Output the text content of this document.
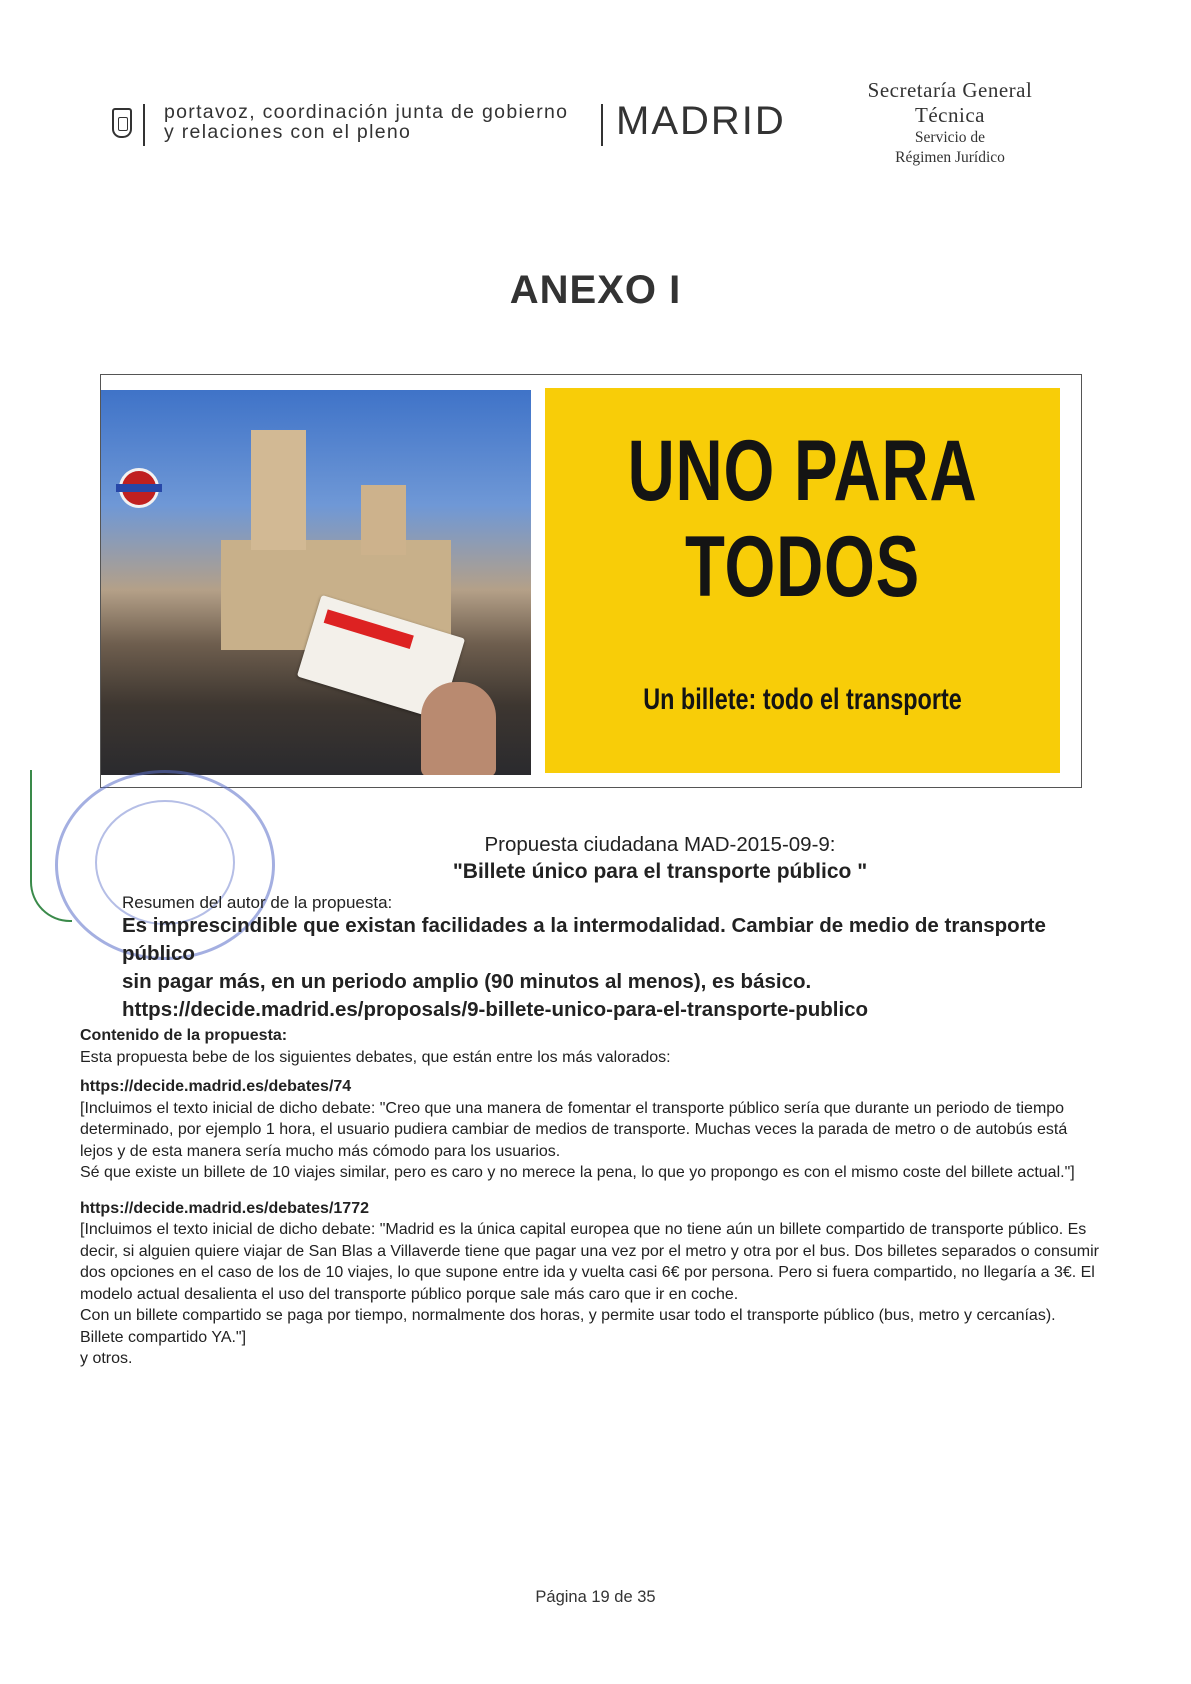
portavoz, coordinación junta de gobierno
y relaciones con el pleno	MADRID
Secretaría General
Técnica
Servicio de
Régimen Jurídico
ANEXO I
UNO PARA
TODOS
Un billete: todo el transporte
Propuesta ciudadana MAD-2015-09-9:
"Billete único para el transporte público "
Resumen del autor de la propuesta:
Es imprescindible que existan facilidades a la intermodalidad. Cambiar de medio de transporte público
sin pagar más, en un periodo amplio (90 minutos al menos), es básico.
https://decide.madrid.es/proposals/9-billete-unico-para-el-transporte-publico

Contenido de la propuesta:

Esta propuesta bebe de los siguientes debates, que están entre los más valorados:

https://decide.madrid.es/debates/74

[Incluimos el texto inicial de dicho debate: "Creo que una manera de fomentar el transporte público sería que durante un periodo de tiempo determinado, por ejemplo 1 hora, el usuario pudiera cambiar de medios de transporte. Muchas veces la parada de metro o de autobús está lejos y de esta manera sería mucho más cómodo para los usuarios.

Sé que existe un billete de 10 viajes similar, pero es caro y no merece la pena, lo que yo propongo es con el mismo coste del billete actual."]

https://decide.madrid.es/debates/1772

[Incluimos el texto inicial de dicho debate: "Madrid es la única capital europea que no tiene aún un billete compartido de transporte público. Es decir, si alguien quiere viajar de San Blas a Villaverde tiene que pagar una vez por el metro y otra por el bus. Dos billetes separados o consumir dos opciones en el caso de los de 10 viajes, lo que supone entre ida y vuelta casi 6€ por persona. Pero si fuera compartido, no llegaría a 3€. El modelo actual desalienta el uso del transporte público porque sale más caro que ir en coche.

Con un billete compartido se paga por tiempo, normalmente dos horas, y permite usar todo el transporte público (bus, metro y cercanías).

Billete compartido YA."]

y otros.

Página 19 de 35
